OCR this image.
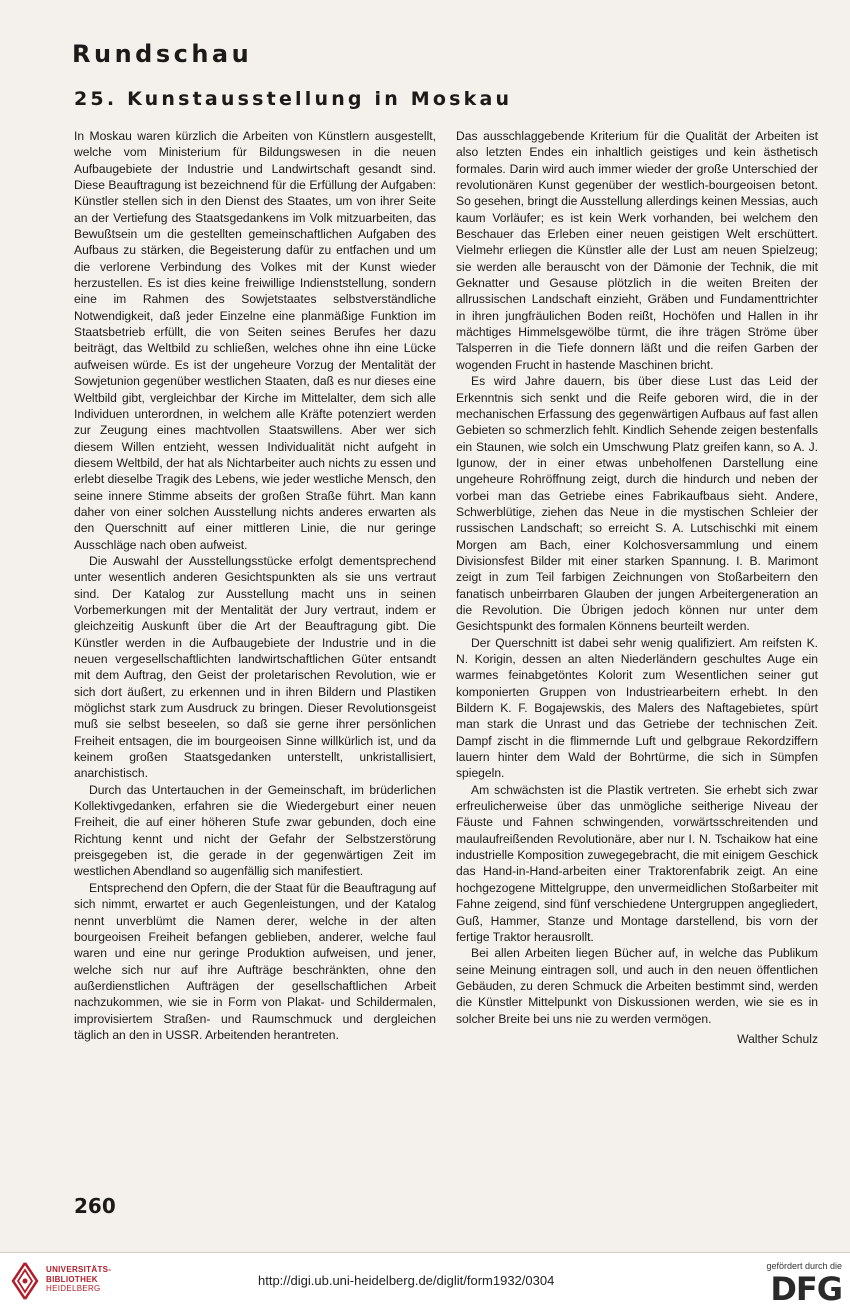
Rundschau
25. Kunstausstellung in Moskau

In Moskau waren kürzlich die Arbeiten von Künstlern ausgestellt, welche vom Ministerium für Bildungswesen in die neuen Aufbaugebiete der Industrie und Landwirtschaft gesandt sind. Diese Beauftragung ist bezeichnend für die Erfüllung der Aufgaben: Künstler stellen sich in den Dienst des Staates, um von ihrer Seite an der Vertiefung des Staatsgedankens im Volk mitzuarbeiten, das Bewußtsein um die gestellten gemeinschaftlichen Aufgaben des Aufbaus zu stärken, die Begeisterung dafür zu entfachen und um die verlorene Verbindung des Volkes mit der Kunst wieder herzustellen. Es ist dies keine freiwillige Indienststellung, sondern eine im Rahmen des Sowjetstaates selbstverständliche Notwendigkeit, daß jeder Einzelne eine planmäßige Funktion im Staatsbetrieb erfüllt, die von Seiten seines Berufes her dazu beiträgt, das Weltbild zu schließen, welches ohne ihn eine Lücke aufweisen würde. Es ist der ungeheure Vorzug der Mentalität der Sowjetunion gegenüber westlichen Staaten, daß es nur dieses eine Weltbild gibt, vergleichbar der Kirche im Mittelalter, dem sich alle Individuen unterordnen, in welchem alle Kräfte potenziert werden zur Zeugung eines machtvollen Staatswillens. Aber wer sich diesem Willen entzieht, wessen Individualität nicht aufgeht in diesem Weltbild, der hat als Nichtarbeiter auch nichts zu essen und erlebt dieselbe Tragik des Lebens, wie jeder westliche Mensch, den seine innere Stimme abseits der großen Straße führt. Man kann daher von einer solchen Ausstellung nichts anderes erwarten als den Querschnitt auf einer mittleren Linie, die nur geringe Ausschläge nach oben aufweist.

Die Auswahl der Ausstellungsstücke erfolgt dementsprechend unter wesentlich anderen Gesichtspunkten als sie uns vertraut sind. Der Katalog zur Ausstellung macht uns in seinen Vorbemerkungen mit der Mentalität der Jury vertraut, indem er gleichzeitig Auskunft über die Art der Beauftragung gibt. Die Künstler werden in die Aufbaugebiete der Industrie und in die neuen vergesellschaftlichten landwirtschaftlichen Güter entsandt mit dem Auftrag, den Geist der proletarischen Revolution, wie er sich dort äußert, zu erkennen und in ihren Bildern und Plastiken möglichst stark zum Ausdruck zu bringen. Dieser Revolutionsgeist muß sie selbst beseelen, so daß sie gerne ihrer persönlichen Freiheit entsagen, die im bourgeoisen Sinne willkürlich ist, und da keinem großen Staatsgedanken unterstellt, unkristallisiert, anarchistisch.

Durch das Untertauchen in der Gemeinschaft, im brüderlichen Kollektivgedanken, erfahren sie die Wiedergeburt einer neuen Freiheit, die auf einer höheren Stufe zwar gebunden, doch eine Richtung kennt und nicht der Gefahr der Selbstzerstörung preisgegeben ist, die gerade in der gegenwärtigen Zeit im westlichen Abendland so augenfällig sich manifestiert.

Entsprechend den Opfern, die der Staat für die Beauftragung auf sich nimmt, erwartet er auch Gegenleistungen, und der Katalog nennt unverblümt die Namen derer, welche in der alten bourgeoisen Freiheit befangen geblieben, anderer, welche faul waren und eine nur geringe Produktion aufweisen, und jener, welche sich nur auf ihre Aufträge beschränkten, ohne den außerdienstlichen Aufträgen der gesellschaftlichen Arbeit nachzukommen, wie sie in Form von Plakat- und Schildermalen, improvisiertem Straßen- und Raumschmuck und dergleichen täglich an den in USSR. Arbeitenden herantreten.

Das ausschlaggebende Kriterium für die Qualität der Arbeiten ist also letzten Endes ein inhaltlich geistiges und kein ästhetisch formales. Darin wird auch immer wieder der große Unterschied der revolutionären Kunst gegenüber der westlich-bourgeoisen betont. So gesehen, bringt die Ausstellung allerdings keinen Messias, auch kaum Vorläufer; es ist kein Werk vorhanden, bei welchem den Beschauer das Erleben einer neuen geistigen Welt erschüttert. Vielmehr erliegen die Künstler alle der Lust am neuen Spielzeug; sie werden alle berauscht von der Dämonie der Technik, die mit Geknatter und Gesause plötzlich in die weiten Breiten der allrussischen Landschaft einzieht, Gräben und Fundamenttrichter in ihren jungfräulichen Boden reißt, Hochöfen und Hallen in ihr mächtiges Himmelsgewölbe türmt, die ihre trägen Ströme über Talsperren in die Tiefe donnern läßt und die reifen Garben der wogenden Frucht in hastende Maschinen bricht.

Es wird Jahre dauern, bis über diese Lust das Leid der Erkenntnis sich senkt und die Reife geboren wird, die in der mechanischen Erfassung des gegenwärtigen Aufbaus auf fast allen Gebieten so schmerzlich fehlt. Kindlich Sehende zeigen bestenfalls ein Staunen, wie solch ein Umschwung Platz greifen kann, so A. J. Igunow, der in einer etwas unbeholfenen Darstellung eine ungeheure Rohröffnung zeigt, durch die hindurch und neben der vorbei man das Getriebe eines Fabrikaufbaus sieht. Andere, Schwerblütige, ziehen das Neue in die mystischen Schleier der russischen Landschaft; so erreicht S. A. Lutschischki mit einem Morgen am Bach, einer Kolchosversammlung und einem Divisionsfest Bilder mit einer starken Spannung. I. B. Marimont zeigt in zum Teil farbigen Zeichnungen von Stoßarbeitern den fanatisch unbeirrbaren Glauben der jungen Arbeitergeneration an die Revolution. Die Übrigen jedoch können nur unter dem Gesichtspunkt des formalen Könnens beurteilt werden.

Der Querschnitt ist dabei sehr wenig qualifiziert. Am reifsten K. N. Korigin, dessen an alten Niederländern geschultes Auge ein warmes feinabgetöntes Kolorit zum Wesentlichen seiner gut komponierten Gruppen von Industriearbeitern erhebt. In den Bildern K. F. Bogajewskis, des Malers des Naftagebietes, spürt man stark die Unrast und das Getriebe der technischen Zeit. Dampf zischt in die flimmernde Luft und gelbgraue Rekordziffern lauern hinter dem Wald der Bohrtürme, die sich in Sümpfen spiegeln.

Am schwächsten ist die Plastik vertreten. Sie erhebt sich zwar erfreulicherweise über das unmögliche seitherige Niveau der Fäuste und Fahnen schwingenden, vorwärtsschreitenden und maulaufreißenden Revolutionäre, aber nur I. N. Tschaikow hat eine industrielle Komposition zuwegegebracht, die mit einigem Geschick das Hand-in-Hand-arbeiten einer Traktorenfabrik zeigt. An eine hochgezogene Mittelgruppe, den unvermeidlichen Stoßarbeiter mit Fahne zeigend, sind fünf verschiedene Untergruppen angegliedert, Guß, Hammer, Stanze und Montage darstellend, bis vorn der fertige Traktor herausrollt.

Bei allen Arbeiten liegen Bücher auf, in welche das Publikum seine Meinung eintragen soll, und auch in den neuen öffentlichen Gebäuden, zu deren Schmuck die Arbeiten bestimmt sind, werden die Künstler Mittelpunkt von Diskussionen werden, wie sie es in solcher Breite bei uns nie zu werden vermögen.

Walther Schulz

260
UNIVERSITÄTS-
BIBLIOTHEK
HEIDELBERG
http://digi.ub.uni-heidelberg.de/diglit/form1932/0304
gefördert durch die
DFG
